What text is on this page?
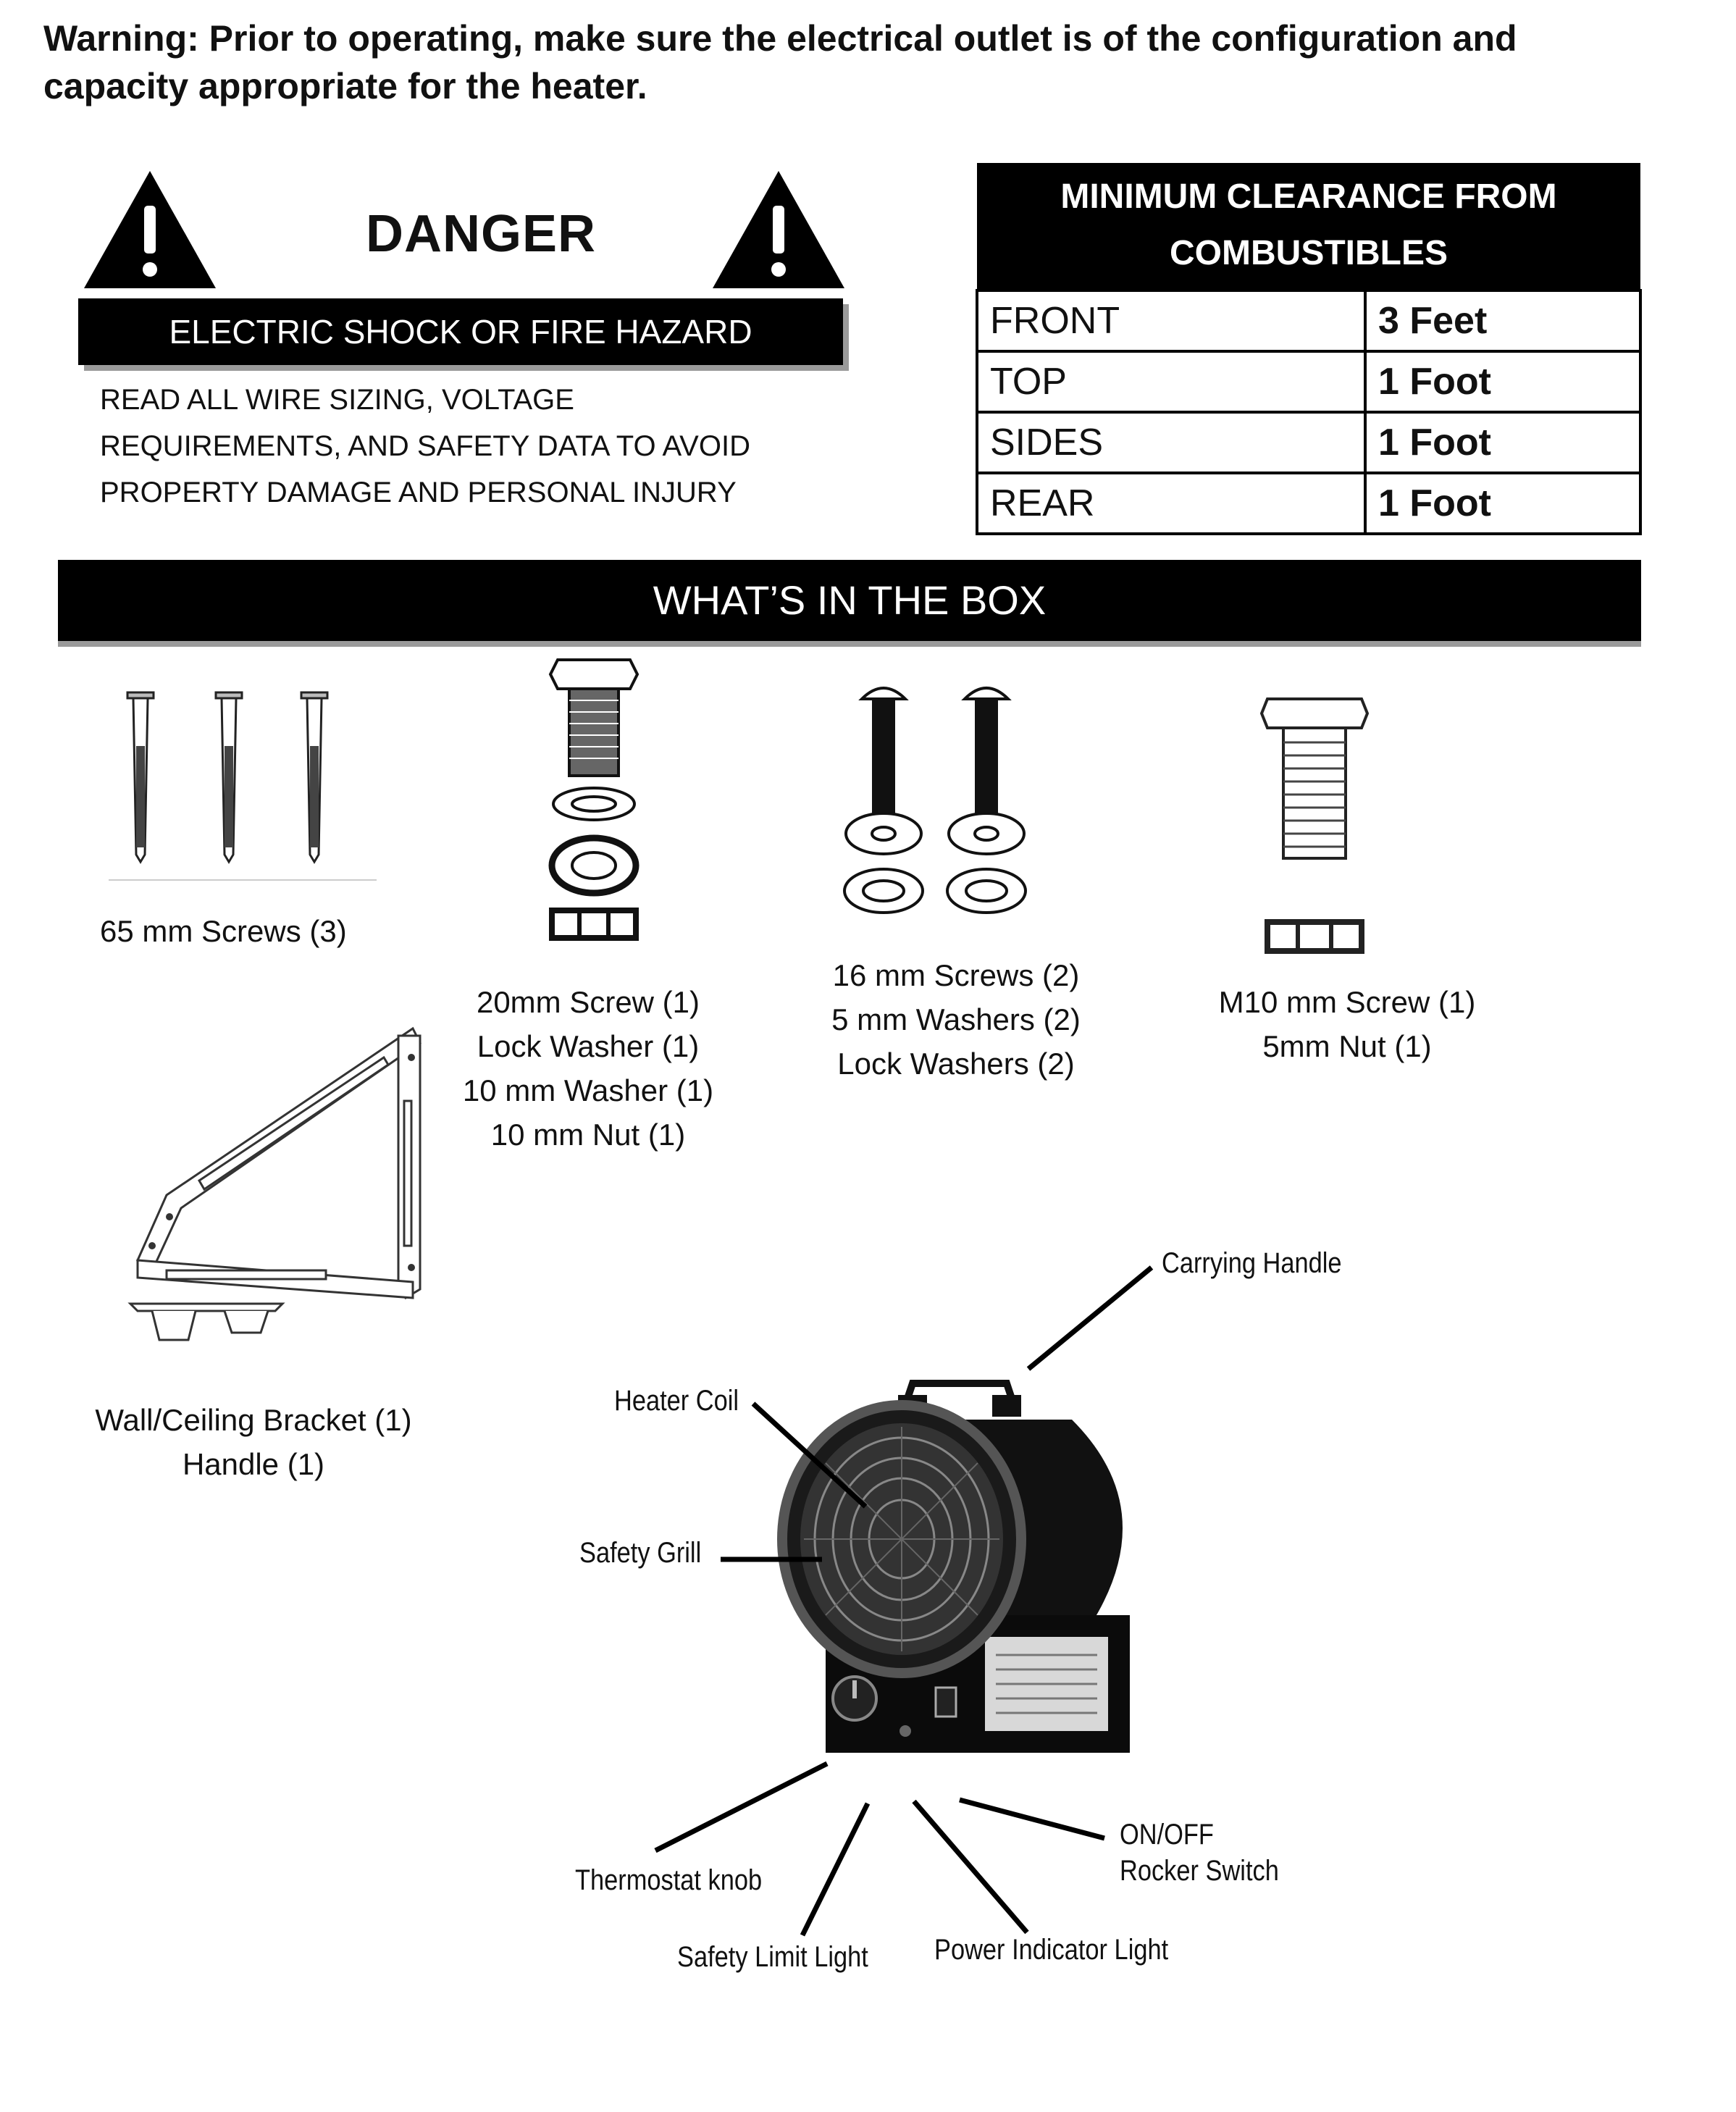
Warning: Prior to operating, make sure the electrical outlet is of the configuration and capacity appropriate for the heater.
DANGER
ELECTRIC SHOCK OR FIRE HAZARD
READ ALL WIRE SIZING, VOLTAGE
REQUIREMENTS, AND SAFETY DATA TO AVOID
PROPERTY DAMAGE AND PERSONAL INJURY
MINIMUM CLEARANCE FROM
COMBUSTIBLES	

FRONT	3 Feet
TOP	1 Foot
SIDES	1 Foot
REAR	1 Foot
WHAT’S IN THE BOX
65 mm Screws (3)
20mm Screw (1)
Lock Washer (1)
10 mm Washer (1)
10 mm Nut (1)
16 mm Screws (2)
5 mm Washers (2)
Lock Washers (2)
M10 mm Screw (1)
5mm Nut (1)
Wall/Ceiling Bracket (1)
Handle (1)
Carrying Handle
Heater Coil
Safety Grill
Thermostat knob
ON/OFF
Rocker Switch
Safety Limit Light Power Indicator Light
